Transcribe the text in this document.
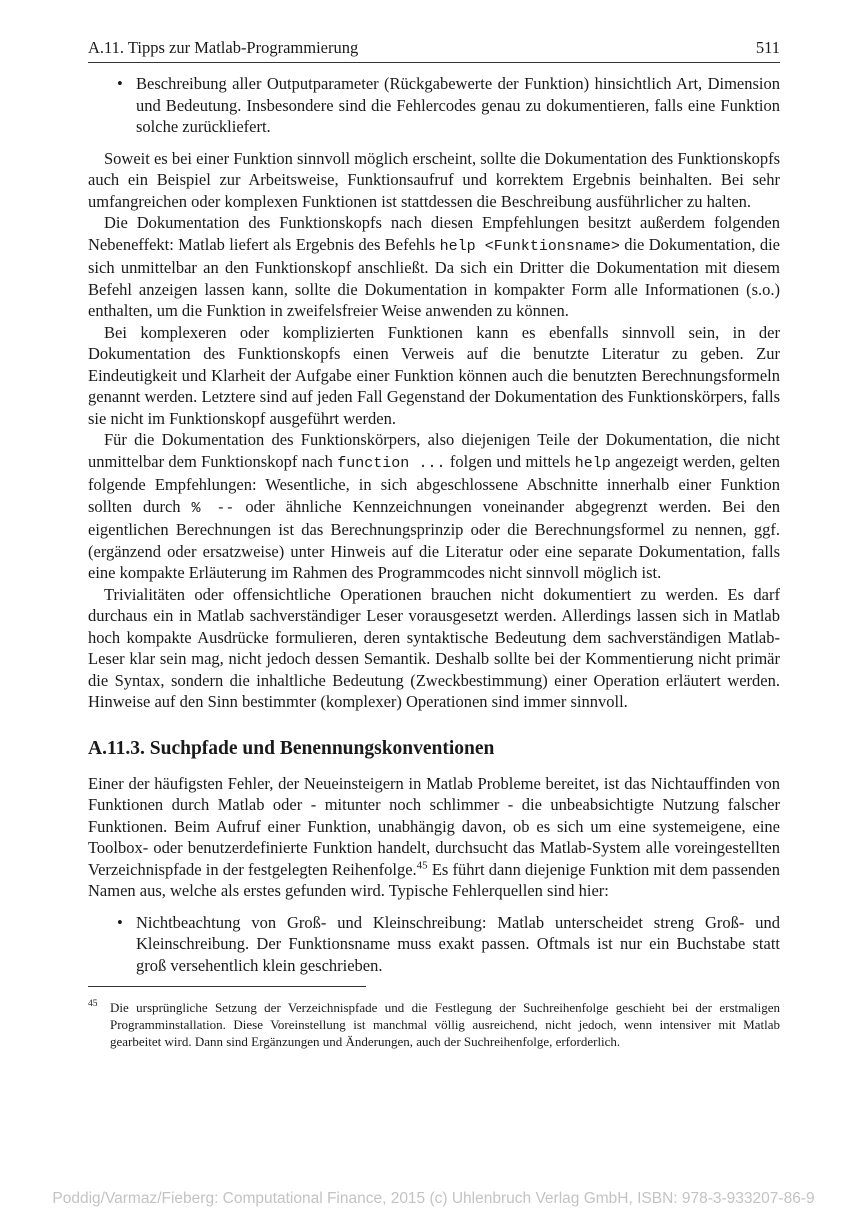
A.11. Tipps zur Matlab-Programmierung	511
• Beschreibung aller Outputparameter (Rückgabewerte der Funktion) hinsichtlich Art, Dimension und Bedeutung. Insbesondere sind die Fehlercodes genau zu dokumentieren, falls eine Funktion solche zurückliefert.

Soweit es bei einer Funktion sinnvoll möglich erscheint, sollte die Dokumentation des Funktionskopfs auch ein Beispiel zur Arbeitsweise, Funktionsaufruf und korrektem Ergebnis beinhalten. Bei sehr umfangreichen oder komplexen Funktionen ist stattdessen die Beschreibung ausführlicher zu halten.

Die Dokumentation des Funktionskopfs nach diesen Empfehlungen besitzt außerdem folgenden Nebeneffekt: Matlab liefert als Ergebnis des Befehls help <Funktionsname> die Dokumentation, die sich unmittelbar an den Funktionskopf anschließt. Da sich ein Dritter die Dokumentation mit diesem Befehl anzeigen lassen kann, sollte die Dokumentation in kompakter Form alle Informationen (s.o.) enthalten, um die Funktion in zweifelsfreier Weise anwenden zu können.

Bei komplexeren oder komplizierten Funktionen kann es ebenfalls sinnvoll sein, in der Dokumentation des Funktionskopfs einen Verweis auf die benutzte Literatur zu geben. Zur Eindeutigkeit und Klarheit der Aufgabe einer Funktion können auch die benutzten Berechnungsformeln genannt werden. Letztere sind auf jeden Fall Gegenstand der Dokumentation des Funktionskörpers, falls sie nicht im Funktionskopf ausgeführt werden.

Für die Dokumentation des Funktionskörpers, also diejenigen Teile der Dokumentation, die nicht unmittelbar dem Funktionskopf nach function ... folgen und mittels help angezeigt werden, gelten folgende Empfehlungen: Wesentliche, in sich abgeschlossene Abschnitte innerhalb einer Funktion sollten durch % -- oder ähnliche Kennzeichnungen voneinander abgegrenzt werden. Bei den eigentlichen Berechnungen ist das Berechnungsprinzip oder die Berechnungsformel zu nennen, ggf. (ergänzend oder ersatzweise) unter Hinweis auf die Literatur oder eine separate Dokumentation, falls eine kompakte Erläuterung im Rahmen des Programmcodes nicht sinnvoll möglich ist.

Trivialitäten oder offensichtliche Operationen brauchen nicht dokumentiert zu werden. Es darf durchaus ein in Matlab sachverständiger Leser vorausgesetzt werden. Allerdings lassen sich in Matlab hoch kompakte Ausdrücke formulieren, deren syntaktische Bedeutung dem sachverständigen Matlab-Leser klar sein mag, nicht jedoch dessen Semantik. Deshalb sollte bei der Kommentierung nicht primär die Syntax, sondern die inhaltliche Bedeutung (Zweckbestimmung) einer Operation erläutert werden. Hinweise auf den Sinn bestimmter (komplexer) Operationen sind immer sinnvoll.

A.11.3. Suchpfade und Benennungskonventionen

Einer der häufigsten Fehler, der Neueinsteigern in Matlab Probleme bereitet, ist das Nichtauffinden von Funktionen durch Matlab oder - mitunter noch schlimmer - die unbeabsichtigte Nutzung falscher Funktionen. Beim Aufruf einer Funktion, unabhängig davon, ob es sich um eine systemeigene, eine Toolbox- oder benutzerdefinierte Funktion handelt, durchsucht das Matlab-System alle voreingestellten Verzeichnispfade in der festgelegten Reihenfolge.$^{45}$ Es führt dann diejenige Funktion mit dem passenden Namen aus, welche als erstes gefunden wird. Typische Fehlerquellen sind hier:

• Nichtbeachtung von Groß- und Kleinschreibung: Matlab unterscheidet streng Groß- und Kleinschreibung. Der Funktionsname muss exakt passen. Oftmals ist nur ein Buchstabe statt groß versehentlich klein geschrieben.
45 Die ursprüngliche Setzung der Verzeichnispfade und die Festlegung der Suchreihenfolge geschieht bei der erstmaligen Programminstallation. Diese Voreinstellung ist manchmal völlig ausreichend, nicht jedoch, wenn intensiver mit Matlab gearbeitet wird. Dann sind Ergänzungen und Änderungen, auch der Suchreihenfolge, erforderlich.
Poddig/Varmaz/Fieberg: Computational Finance, 2015 (c) Uhlenbruch Verlag GmbH, ISBN: 978-3-933207-86-9
